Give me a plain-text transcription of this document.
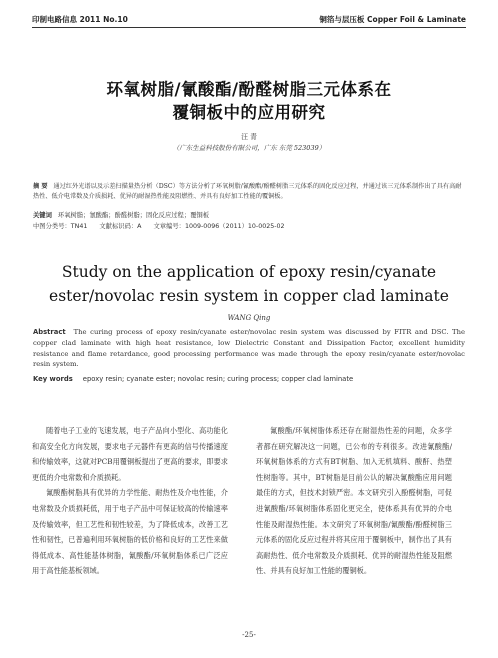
印制电路信息 2011 No.10	铜箔与层压板 Copper Foil & Laminate
环氧树脂/氰酸酯/酚醛树脂三元体系在
覆铜板中的应用研究
汪 青
（广东生益科技股份有限公司，广东 东莞 523039）
摘 要 通过红外光谱以及示差扫描量热分析（DSC）等方法分析了环氧树脂/氰酸酯/酚醛树脂三元体系的固化反应过程，并通过该三元体系制作出了具有高耐热性、低介电常数及介质损耗、优异的耐湿热性能及阻燃性、并具有良好加工性能的覆铜板。
关键词 环氧树脂；氰酸酯；酚醛树脂；固化反应过程；覆铜板
中图分类号：TN41 文献标识码：A 文章编号：1009-0096（2011）10-0025-02
Study on the application of epoxy resin/cyanate
ester/novolac resin system in copper clad laminate
WANG Qing
Abstract The curing process of epoxy resin/cyanate ester/novolac resin system was discussed by FITR and DSC. The copper clad laminate with high heat resistance, low Dielectric Constant and Dissipation Factor, excellent humidity resistance and flame retardance, good processing performance was made through the epoxy resin/cyanate ester/novolac resin system.
Key words epoxy resin; cyanate ester; novolac resin; curing process; copper clad laminate

随着电子工业的飞速发展，电子产品向小型化、高功能化和高安全化方向发展，要求电子元器件有更高的信号传播速度和传输效率，这就对PCB用覆铜板提出了更高的要求，即要求更低的介电常数和介质损耗。

氰酸酯树脂具有优异的力学性能、耐热性及介电性能，介电常数及介质损耗低，用于电子产品中可保证较高的传输速率及传输效率，但工艺性和韧性较差，为了降低成本，改善工艺性和韧性，已普遍利用环氧树脂的低价格和良好的工艺性来做得低成本、高性能基体树脂，氰酸酯/环氧树脂体系已广泛应用于高性能基板领域。

氰酸酯/环氧树脂体系还存在耐湿热性差的问题，众多学者都在研究解决这一问题，已公布的专利很多。改进氰酸酯/环氧树脂体系的方式有BT树脂、加入无机填料、酸酐、热塑性树脂等。其中，BT树脂是目前公认的解决氰酸酯应用问题最佳的方式，但技术封锁严密。本文研究引入酚醛树脂，可促进氰酸酯/环氧树脂体系固化更完全，使体系具有优异的介电性能及耐湿热性能。本文研究了环氧树脂/氰酸酯/酚醛树脂三元体系的固化反应过程并将其应用于覆铜板中，制作出了具有高耐热性、低介电常数及介质损耗、优异的耐湿热性能及阻燃性、并具有良好加工性能的覆铜板。

-25-
